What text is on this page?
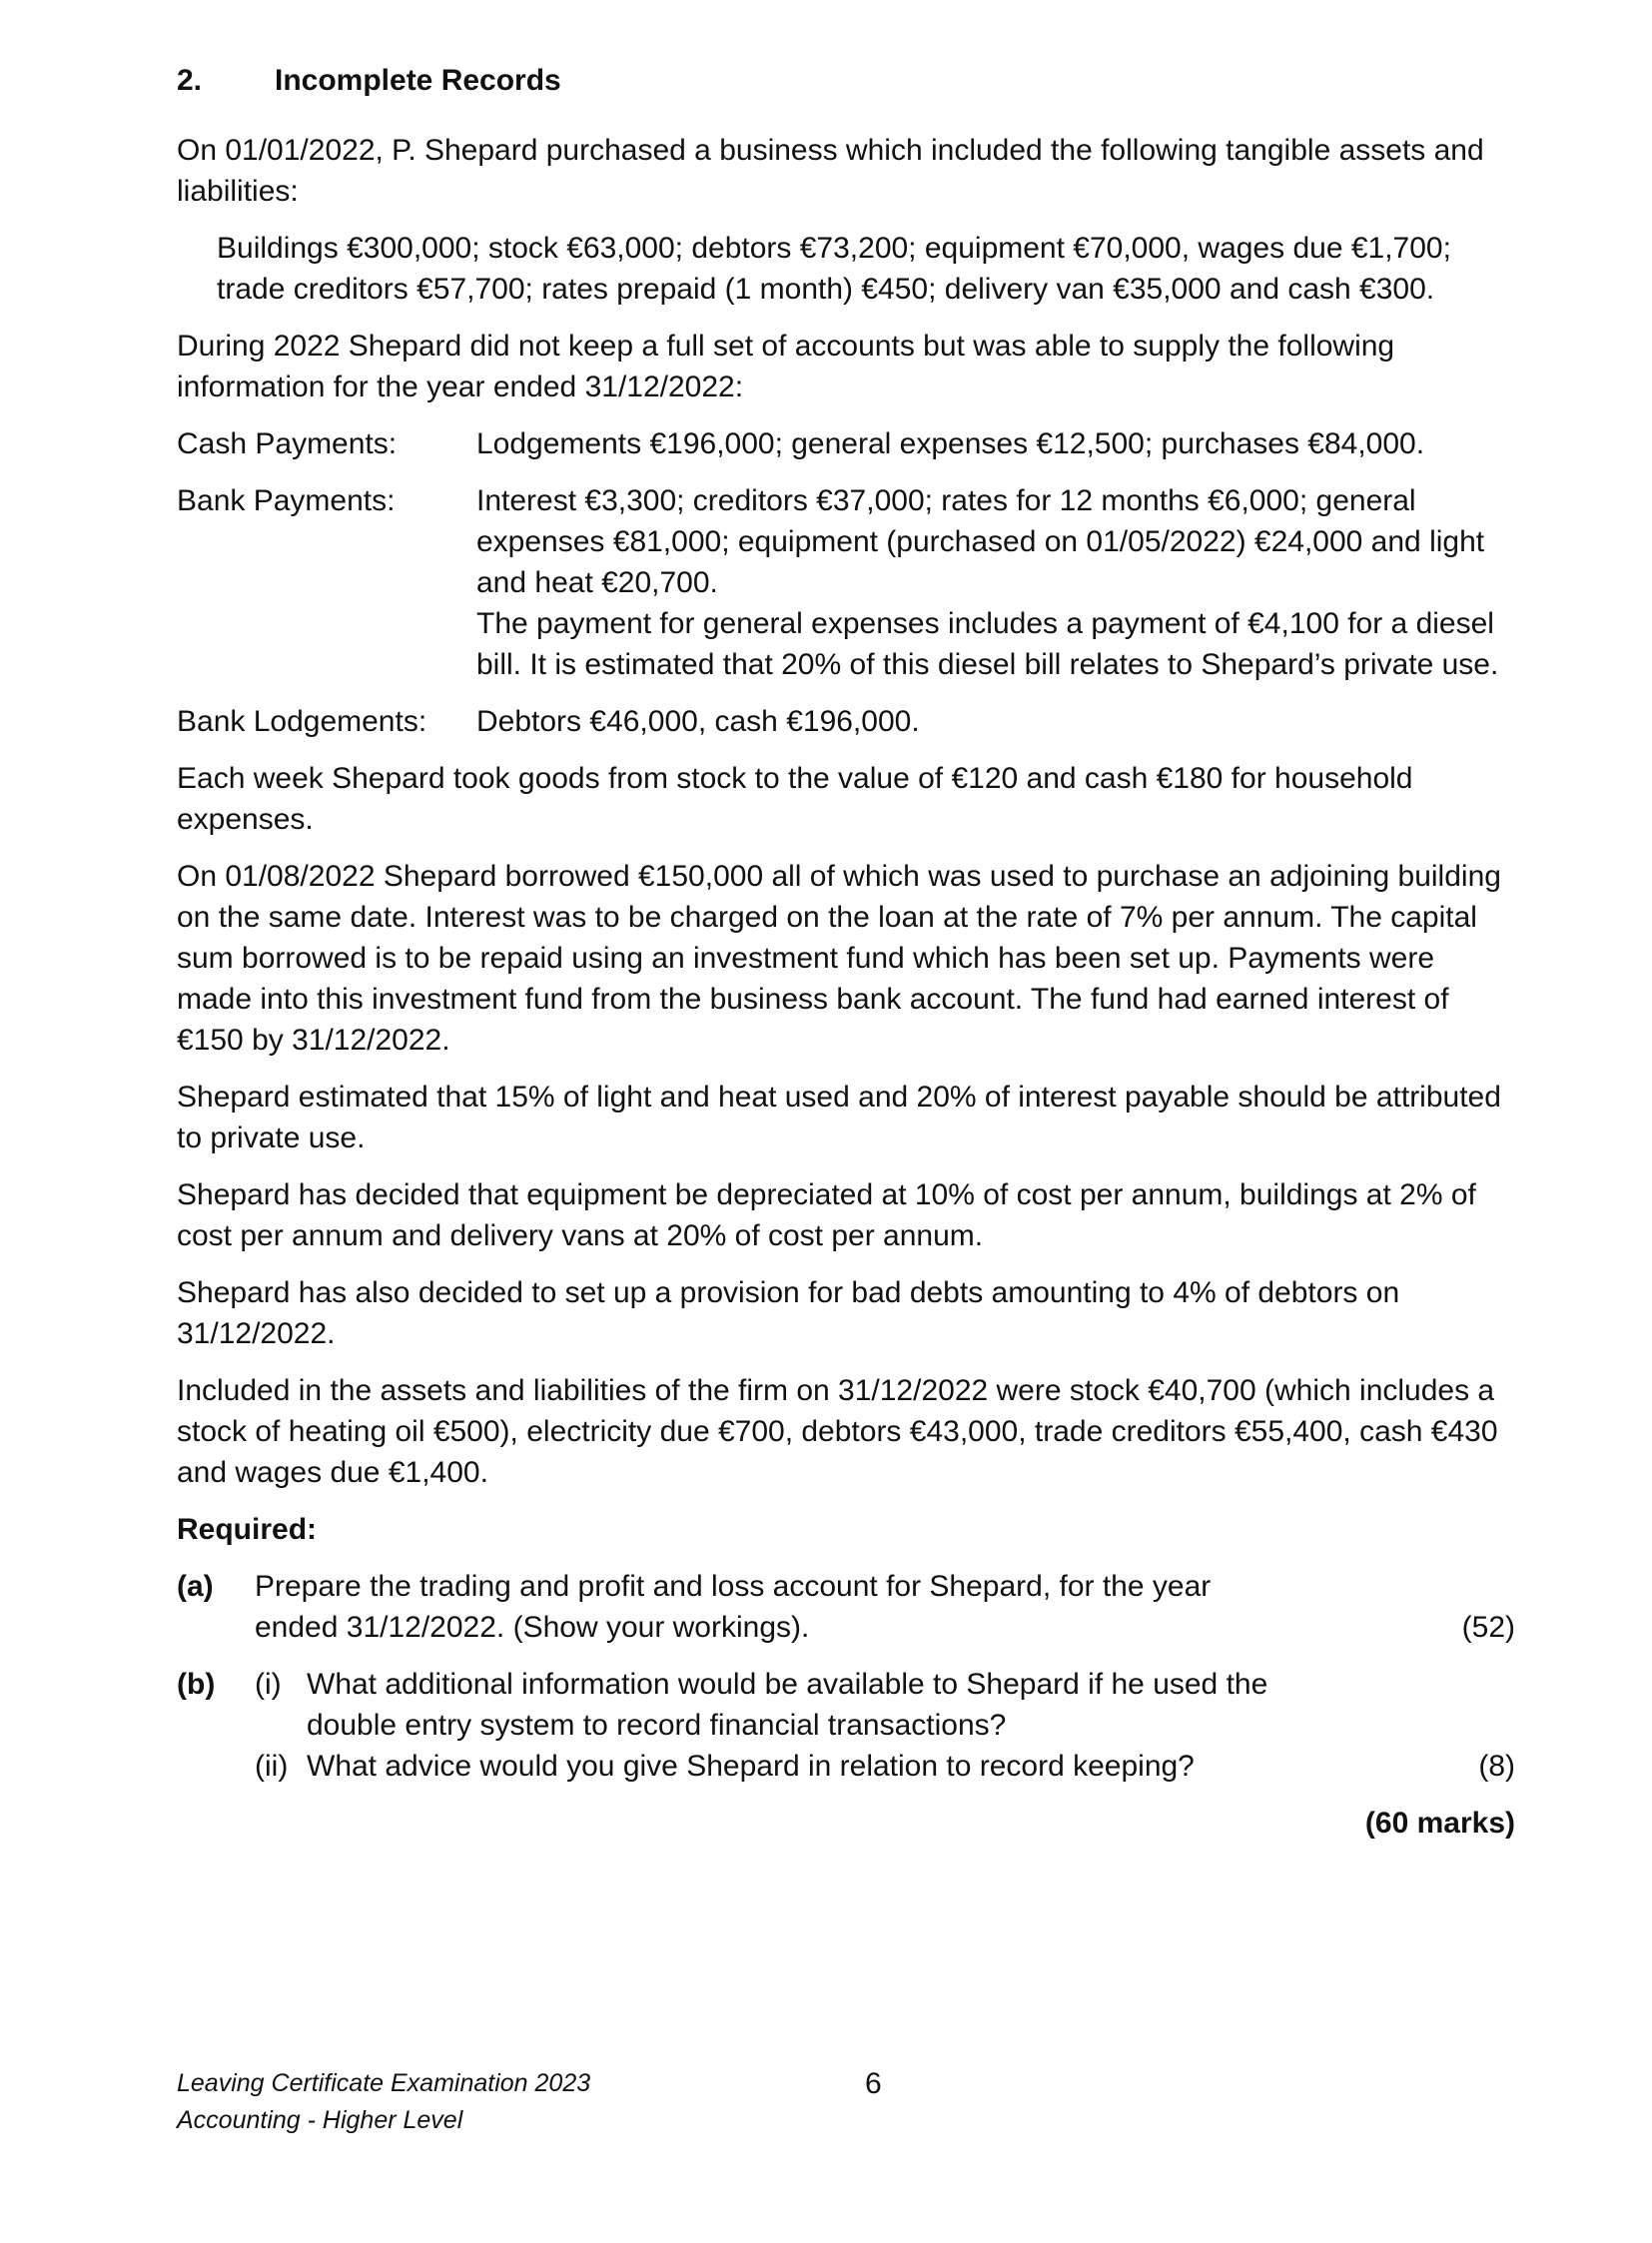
2. Incomplete Records

On 01/01/2022, P. Shepard purchased a business which included the following tangible assets and liabilities:

Buildings €300,000; stock €63,000; debtors €73,200; equipment €70,000, wages due €1,700; trade creditors €57,700; rates prepaid (1 month) €450; delivery van €35,000 and cash €300.

During 2022 Shepard did not keep a full set of accounts but was able to supply the following information for the year ended 31/12/2022:

Cash Payments:	Lodgements €196,000; general expenses €12,500; purchases €84,000.
Bank Payments:	Interest €3,300; creditors €37,000; rates for 12 months €6,000; general expenses €81,000; equipment (purchased on 01/05/2022) €24,000 and light and heat €20,700.
The payment for general expenses includes a payment of €4,100 for a diesel bill. It is estimated that 20% of this diesel bill relates to Shepard’s private use.
Bank Lodgements:	Debtors €46,000, cash €196,000.

Each week Shepard took goods from stock to the value of €120 and cash €180 for household expenses.

On 01/08/2022 Shepard borrowed €150,000 all of which was used to purchase an adjoining building on the same date. Interest was to be charged on the loan at the rate of 7% per annum. The capital sum borrowed is to be repaid using an investment fund which has been set up. Payments were made into this investment fund from the business bank account. The fund had earned interest of €150 by 31/12/2022.

Shepard estimated that 15% of light and heat used and 20% of interest payable should be attributed to private use.

Shepard has decided that equipment be depreciated at 10% of cost per annum, buildings at 2% of cost per annum and delivery vans at 20% of cost per annum.

Shepard has also decided to set up a provision for bad debts amounting to 4% of debtors on 31/12/2022.

Included in the assets and liabilities of the firm on 31/12/2022 were stock €40,700 (which includes a stock of heating oil €500), electricity due €700, debtors €43,000, trade creditors €55,400, cash €430 and wages due €1,400.

Required:
(a)	Prepare the trading and profit and loss account for Shepard, for the year ended 31/12/2022. (Show your workings).	(52)
(b)	(i) What additional information would be available to Shepard if he used the double entry system to record financial transactions?
(ii) What advice would you give Shepard in relation to record keeping?	(8)
(60 marks)
Leaving Certificate Examination 2023
Accounting - Higher Level
6
